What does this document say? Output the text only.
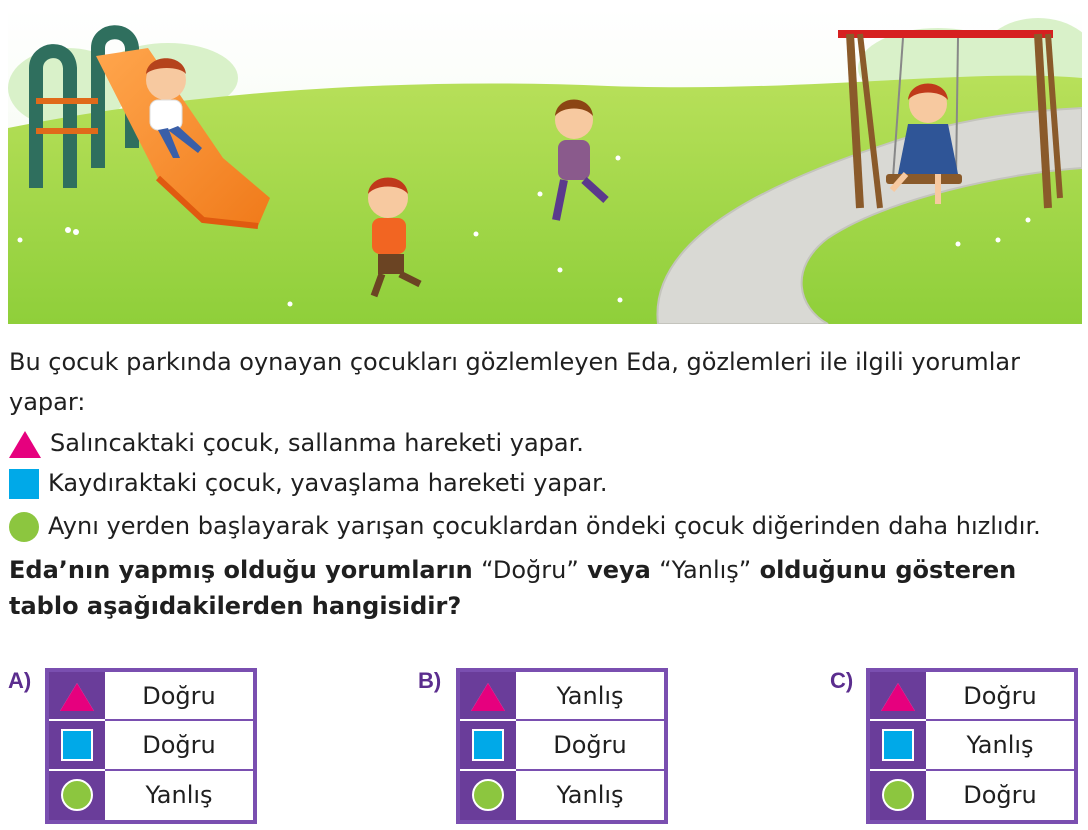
Bu çocuk parkında oynayan çocukları gözlemleyen Eda, gözlemleri ile ilgili yorumlar yapar:
Salıncaktaki çocuk, sallanma hareketi yapar.
Kaydıraktaki çocuk, yavaşlama hareketi yapar.
Aynı yerden başlayarak yarışan çocuklardan öndeki çocuk diğerinden daha hızlıdır.
Eda’nın yapmış olduğu yorumların “Doğru” veya “Yanlış” olduğunu gösteren tablo aşağıdakilerden hangisidir?
A)
Doğru
Doğru
Yanlış
B)
Yanlış
Doğru
Yanlış
C)
Doğru
Yanlış
Doğru
